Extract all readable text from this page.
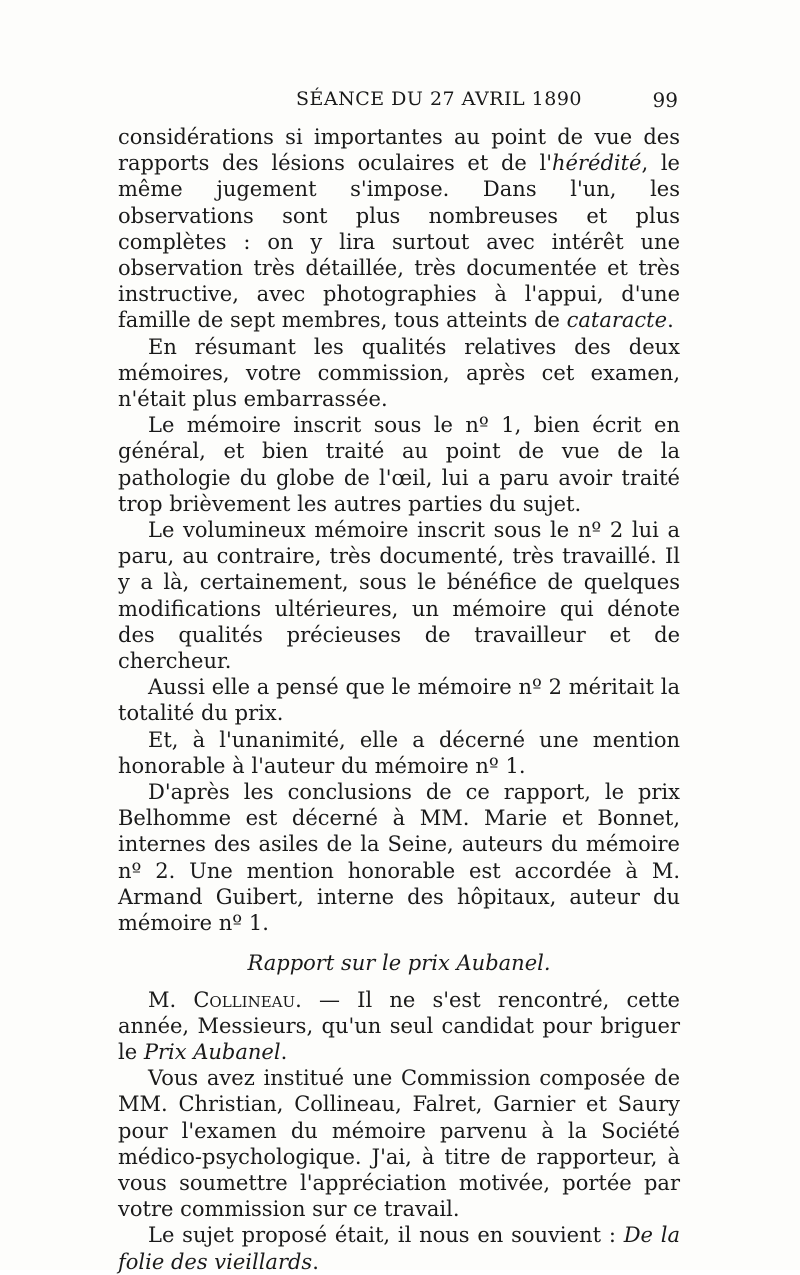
SÉANCE DU 27 AVRIL 1890	99

considérations si importantes au point de vue des rapports des lésions oculaires et de l'hérédité, le même jugement s'impose. Dans l'un, les observations sont plus nombreuses et plus complètes : on y lira surtout avec intérêt une observation très détaillée, très documentée et très instructive, avec photographies à l'appui, d'une famille de sept membres, tous atteints de cataracte.

En résumant les qualités relatives des deux mémoires, votre commission, après cet examen, n'était plus embarrassée.

Le mémoire inscrit sous le nº 1, bien écrit en général, et bien traité au point de vue de la pathologie du globe de l'œil, lui a paru avoir traité trop brièvement les autres parties du sujet.

Le volumineux mémoire inscrit sous le nº 2 lui a paru, au contraire, très documenté, très travaillé. Il y a là, certainement, sous le bénéfice de quelques modifications ultérieures, un mémoire qui dénote des qualités précieuses de travailleur et de chercheur.

Aussi elle a pensé que le mémoire nº 2 méritait la totalité du prix.

Et, à l'unanimité, elle a décerné une mention honorable à l'auteur du mémoire nº 1.

D'après les conclusions de ce rapport, le prix Belhomme est décerné à MM. Marie et Bonnet, internes des asiles de la Seine, auteurs du mémoire nº 2. Une mention honorable est accordée à M. Armand Guibert, interne des hôpitaux, auteur du mémoire nº 1.

Rapport sur le prix Aubanel.

M. Collineau. — Il ne s'est rencontré, cette année, Messieurs, qu'un seul candidat pour briguer le Prix Aubanel.

Vous avez institué une Commission composée de MM. Christian, Collineau, Falret, Garnier et Saury pour l'examen du mémoire parvenu à la Société médico-psychologique. J'ai, à titre de rapporteur, à vous soumettre l'appréciation motivée, portée par votre commission sur ce travail.

Le sujet proposé était, il nous en souvient : De la folie des vieillards.
